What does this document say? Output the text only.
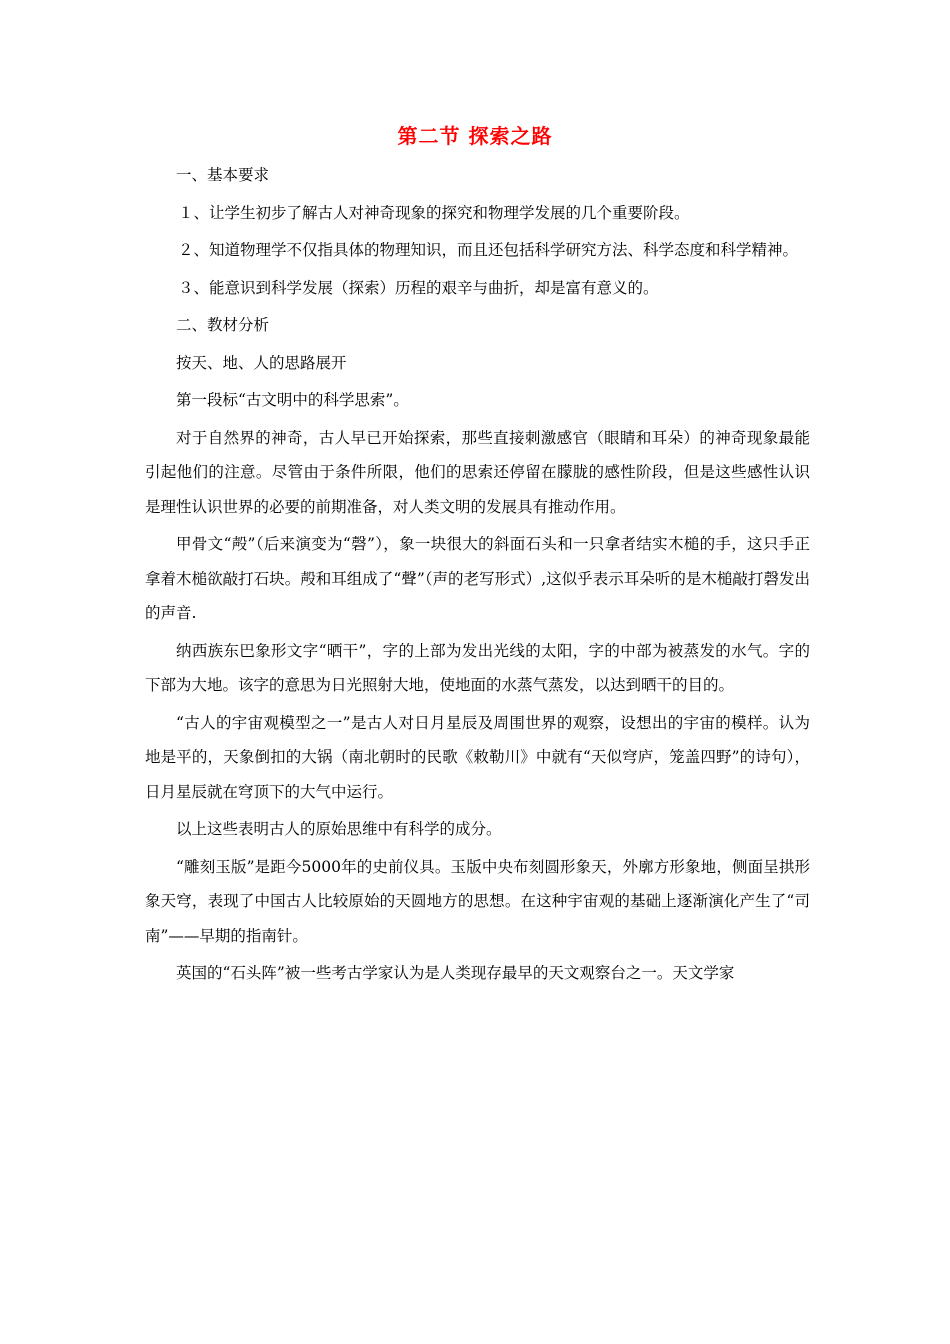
第二节 探索之路

一、基本要求

１、让学生初步了解古人对神奇现象的探究和物理学发展的几个重要阶段。

２、知道物理学不仅指具体的物理知识，而且还包括科学研究方法、科学态度和科学精神。

３、能意识到科学发展（探索）历程的艰辛与曲折，却是富有意义的。

二、教材分析

按天、地、人的思路展开

第一段标“古文明中的科学思索”。

对于自然界的神奇，古人早已开始探索，那些直接刺激感官（眼睛和耳朵）的神奇现象最能引起他们的注意。尽管由于条件所限，他们的思索还停留在朦胧的感性阶段，但是这些感性认识是理性认识世界的必要的前期准备，对人类文明的发展具有推动作用。

甲骨文“殸”（后来演变为“磬”），象一块很大的斜面石头和一只拿者结实木槌的手，这只手正拿着木槌欲敲打石块。殸和耳组成了“聲”（声的老写形式）,这似乎表示耳朵听的是木槌敲打磬发出的声音.

纳西族东巴象形文字“晒干”，字的上部为发出光线的太阳，字的中部为被蒸发的水气。字的下部为大地。该字的意思为日光照射大地，使地面的水蒸气蒸发，以达到晒干的目的。

“古人的宇宙观模型之一”是古人对日月星辰及周围世界的观察，设想出的宇宙的模样。认为地是平的，天象倒扣的大锅（南北朝时的民歌《敕勒川》中就有“天似穹庐，笼盖四野”的诗句），日月星辰就在穹顶下的大气中运行。

以上这些表明古人的原始思维中有科学的成分。

“雕刻玉版”是距今5000年的史前仪具。玉版中央布刻圆形象天，外廓方形象地，侧面呈拱形象天穹，表现了中国古人比较原始的天圆地方的思想。在这种宇宙观的基础上逐渐演化产生了“司南”——早期的指南针。

英国的“石头阵”被一些考古学家认为是人类现存最早的天文观察台之一。天文学家
